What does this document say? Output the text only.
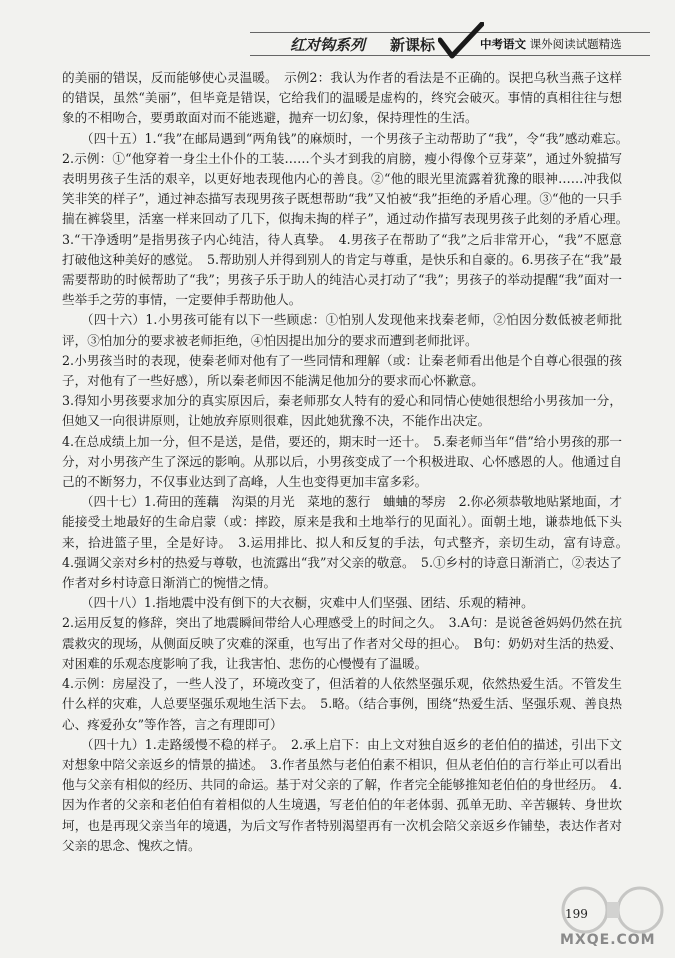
红对钩系列 新课标	中考语文 课外阅读试题精选

的美丽的错误，反而能够使心灵温暖。　示例2：我认为作者的看法是不正确的。误把乌秋当燕子这样的错误，虽然“美丽”，但毕竟是错误，它给我们的温暖是虚构的，终究会破灭。事情的真相往往与想象的不相吻合，要勇敢面对而不能逃避，抛弃一切幻象，保持理性的生活。

（四十五）1.“我”在邮局遇到“两角钱”的麻烦时，一个男孩子主动帮助了“我”，令“我”感动难忘。　2.示例：①“他穿着一身尘土仆仆的工装……个头才到我的肩膀，瘦小得像个豆芽菜”，通过外貌描写表明男孩子生活的艰辛，以更好地表现他内心的善良。②“他的眼光里流露着犹豫的眼神……冲我似笑非笑的样子”，通过神态描写表现男孩子既想帮助“我”又怕被“我”拒绝的矛盾心理。③“他的一只手揣在裤袋里，活塞一样来回动了几下，似掏未掏的样子”，通过动作描写表现男孩子此刻的矛盾心理。　3.“干净透明”是指男孩子内心纯洁，待人真挚。　4.男孩子在帮助了“我”之后非常开心，“我”不愿意打破他这种美好的感觉。　5.帮助别人并得到别人的肯定与尊重，是快乐和自豪的。6.男孩子在“我”最需要帮助的时候帮助了“我”；男孩子乐于助人的纯洁心灵打动了“我”；男孩子的举动提醒“我”面对一些举手之劳的事情，一定要伸手帮助他人。

（四十六）1.小男孩可能有以下一些顾虑：①怕别人发现他来找秦老师，②怕因分数低被老师批评，③怕加分的要求被老师拒绝，④怕因提出加分的要求而遭到老师批评。

2.小男孩当时的表现，使秦老师对他有了一些同情和理解（或：让秦老师看出他是个自尊心很强的孩子，对他有了一些好感），所以秦老师因不能满足他加分的要求而心怀歉意。

3.得知小男孩要求加分的真实原因后，秦老师那女人特有的爱心和同情心使她很想给小男孩加一分，但她又一向很讲原则，让她放弃原则很难，因此她犹豫不决，不能作出决定。

4.在总成绩上加一分，但不是送，是借，要还的，期末时一还十。　5.秦老师当年“借”给小男孩的那一分，对小男孩产生了深远的影响。从那以后，小男孩变成了一个积极进取、心怀感恩的人。他通过自己的不断努力，不仅事业达到了高峰，人生也变得更加丰富多彩。

（四十七）1.荷田的莲藕　沟渠的月光　菜地的葱行　蛐蛐的琴房　2.你必须恭敬地贴紧地面，才能接受土地最好的生命启蒙（或：摔跤，原来是我和土地举行的见面礼）。面朝土地，谦恭地低下头来，拾进篮子里，全是好诗。　3.运用排比、拟人和反复的手法，句式整齐，亲切生动，富有诗意。　4.强调父亲对乡村的热爱与尊敬，也流露出“我”对父亲的敬意。　5.①乡村的诗意日渐消亡，②表达了作者对乡村诗意日渐消亡的惋惜之情。

（四十八）1.指地震中没有倒下的大衣橱，灾难中人们坚强、团结、乐观的精神。

2.运用反复的修辞，突出了地震瞬间带给人心理感受上的时间之久。　3.A句：是说爸爸妈妈仍然在抗震救灾的现场，从侧面反映了灾难的深重，也写出了作者对父母的担心。　B句：奶奶对生活的热爱、对困难的乐观态度影响了我，让我害怕、悲伤的心慢慢有了温暖。

4.示例：房屋没了，一些人没了，环境改变了，但活着的人依然坚强乐观，依然热爱生活。不管发生什么样的灾难，人总要坚强乐观地生活下去。　5.略。（结合事例，围绕“热爱生活、坚强乐观、善良热心、疼爱孙女”等作答，言之有理即可）

（四十九）1.走路缓慢不稳的样子。　2.承上启下：由上文对独自返乡的老伯伯的描述，引出下文对想象中陪父亲返乡的情景的描述。　3.作者虽然与老伯伯素不相识，但从老伯伯的言行举止可以看出他与父亲有相似的经历、共同的命运。基于对父亲的了解，作者完全能够推知老伯伯的身世经历。　4.因为作者的父亲和老伯伯有着相似的人生境遇，写老伯伯的年老体弱、孤单无助、辛苦辗转、身世坎坷，也是再现父亲当年的境遇，为后文写作者特别渴望再有一次机会陪父亲返乡作铺垫，表达作者对父亲的思念、愧疚之情。

199
MXQE.COM
